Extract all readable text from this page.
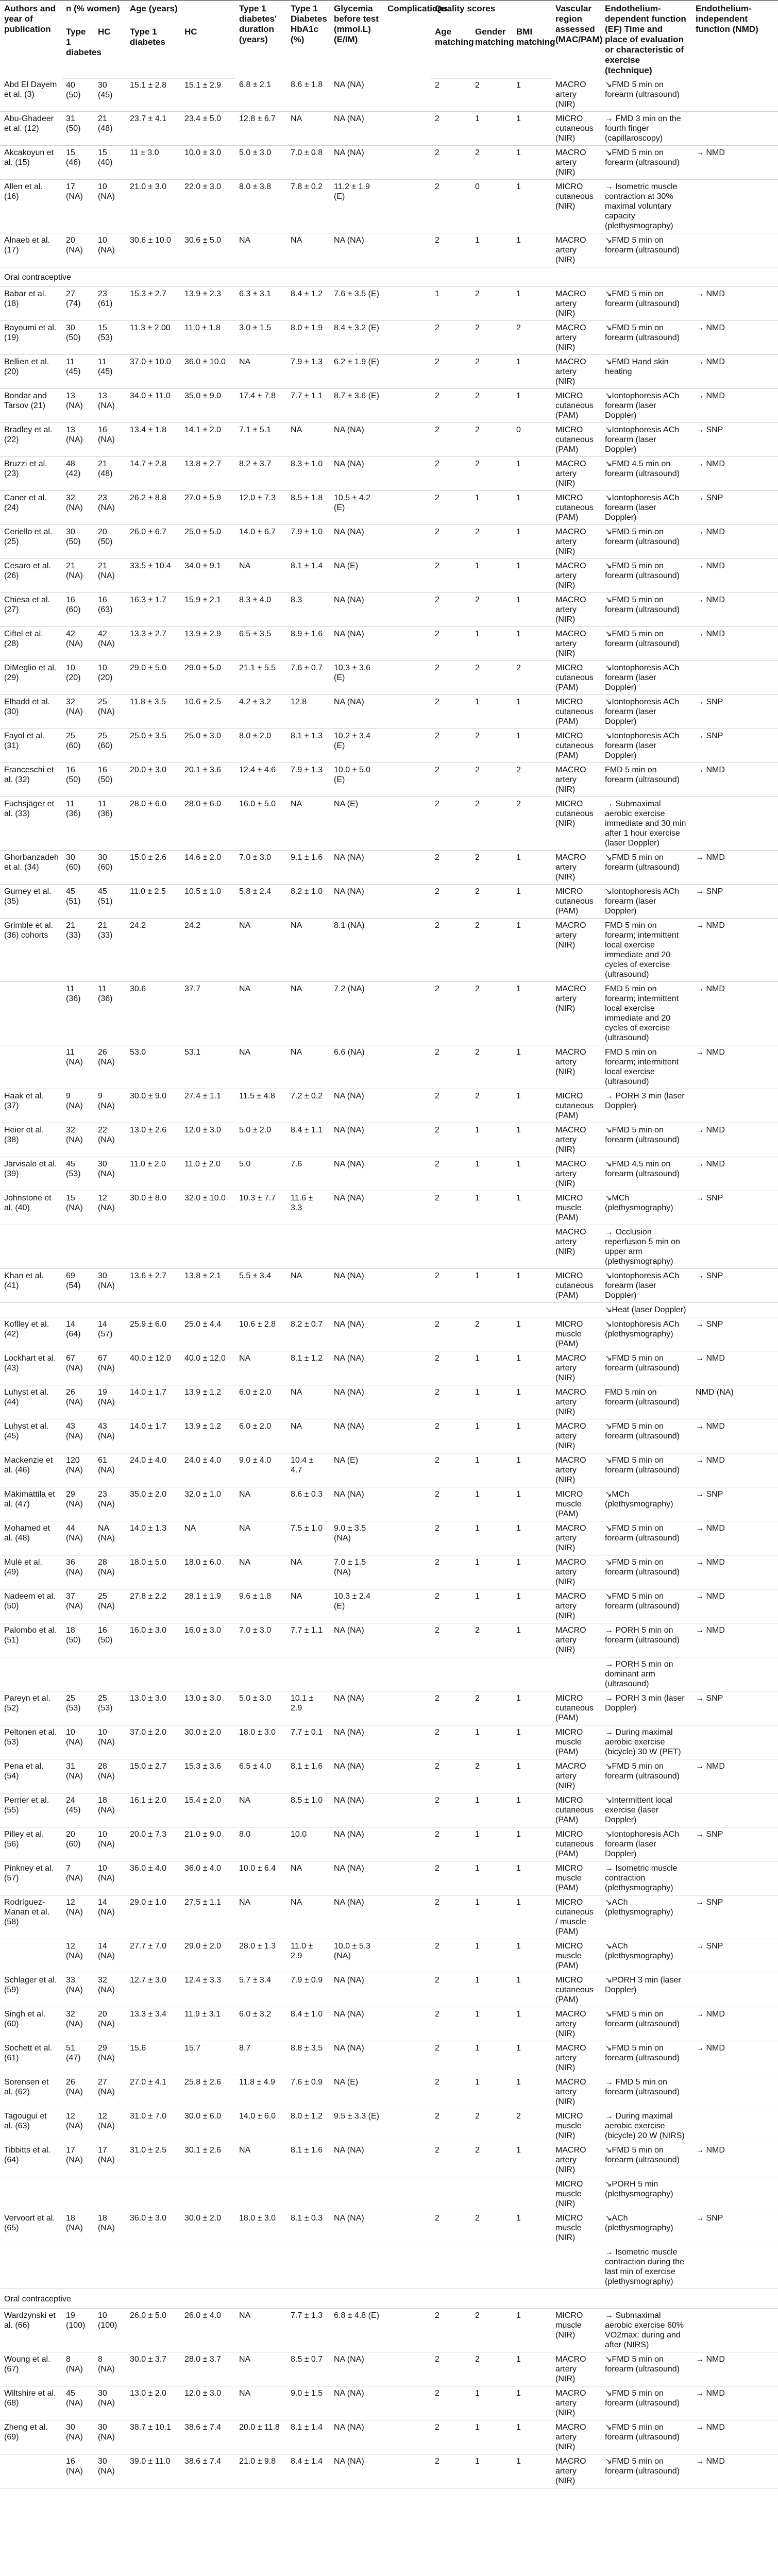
Authors and year of publication	n (% women)		Age (years)		Type 1 diabetes' duration (years)	Type 1 Diabetes HbA1c (%)	Glycemia before test (mmol.L) (E/IM)	Complications	Quality scores			Vascular region assessed (MAC/PAM)	Endothelium-dependent function (EF) Time and place of evaluation or characteristic of exercise (technique)	Endothelium-independent function (NMD)
	Type 1 diabetes	HC	Type 1 diabetes	HC					Age matching	Gender matching	BMI matching			
Abd El Dayem et al. (3)	40 (50)	30 (45)	15.1 ± 2.8	15.1 ± 2.9	6.8 ± 2.1	8.6 ± 1.8	NA (NA)		2	2	1	MACRO artery (NIR)	↘FMD 5 min on forearm (ultrasound)	
Abu-Ghadeer et al. (12)	31 (50)	21 (48)	23.7 ± 4.1	23.4 ± 5.0	12.8 ± 6.7	NA	NA (NA)		2	1	1	MICRO cutaneous (NIR)	→ FMD 3 min on the fourth finger (capillaroscopy)	
Akcakoyun et al. (15)	15 (46)	15 (40)	11 ± 3.0	10.0 ± 3.0	5.0 ± 3.0	7.0 ± 0.8	NA (NA)		2	2	1	MACRO artery (NIR)	↘FMD 5 min on forearm (ultrasound)	→ NMD
Allen et al. (16)	17 (NA)	10 (NA)	21.0 ± 3.0	22.0 ± 3.0	8.0 ± 3.8	7.8 ± 0.2	11.2 ± 1.9 (E)		2	0	1	MICRO cutaneous (NIR)	→ Isometric muscle contraction at 30% maximal voluntary capacity (plethysmography)	
Alnaeb et al. (17)	20 (NA)	10 (NA)	30.6 ± 10.0	30.6 ± 5.0	NA	NA	NA (NA)		2	1	1	MACRO artery (NIR)	↘FMD 5 min on forearm (ultrasound)	
Oral contraceptive														
Babar et al. (18)	27 (74)	23 (61)	15.3 ± 2.7	13.9 ± 2.3	6.3 ± 3.1	8.4 ± 1.2	7.6 ± 3.5 (E)		1	2	1	MACRO artery (NIR)	↘FMD 5 min on forearm (ultrasound)	→ NMD
Bayoumi et al. (19)	30 (50)	15 (53)	11.3 ± 2.00	11.0 ± 1.8	3.0 ± 1.5	8.0 ± 1.9	8.4 ± 3.2 (E)		2	2	2	MACRO artery (NIR)	↘FMD 5 min on forearm (ultrasound)	→ NMD
Bellien et al. (20)	11 (45)	11 (45)	37.0 ± 10.0	36.0 ± 10.0	NA	7.9 ± 1.3	6.2 ± 1.9 (E)		2	2	1	MACRO artery (NIR)	↘FMD Hand skin heating	→ NMD
Bondar and Tarsov (21)	13 (NA)	13 (NA)	34.0 ± 11.0	35.0 ± 9.0	17.4 ± 7.8	7.7 ± 1.1	8.7 ± 3.6 (E)		2	2	1	MICRO cutaneous (PAM)	↘Iontophoresis ACh forearm (laser Doppler)	→ NMD
Bradley et al. (22)	13 (NA)	16 (NA)	13.4 ± 1.8	14.1 ± 2.0	7.1 ± 5.1	NA	NA (NA)		2	2	0	MICRO cutaneous (PAM)	↘Iontophoresis ACh forearm (laser Doppler)	→ SNP
Bruzzi et al. (23)	48 (42)	21 (48)	14.7 ± 2.8	13.8 ± 2.7	8.2 ± 3.7	8.3 ± 1.0	NA (NA)		2	2	1	MACRO artery (NIR)	↘FMD 4.5 min on forearm (ultrasound)	→ NMD
Caner et al. (24)	32 (NA)	23 (NA)	26.2 ± 8.8	27.0 ± 5.9	12.0 ± 7.3	8.5 ± 1.8	10.5 ± 4.2 (E)		2	1	1	MICRO cutaneous (PAM)	↘Iontophoresis ACh forearm (laser Doppler)	→ SNP
Ceriello et al. (25)	30 (50)	20 (50)	26.0 ± 6.7	25.0 ± 5.0	14.0 ± 6.7	7.9 ± 1.0	NA (NA)		2	2	1	MACRO artery (NIR)	↘FMD 5 min on forearm (ultrasound)	→ NMD
Cesaro et al. (26)	21 (NA)	21 (NA)	33.5 ± 10.4	34.0 ± 9.1	NA	8.1 ± 1.4	NA (E)		2	1	1	MACRO artery (NIR)	↘FMD 5 min on forearm (ultrasound)	→ NMD
Chiesa et al. (27)	16 (60)	16 (63)	16.3 ± 1.7	15.9 ± 2.1	8.3 ± 4.0	8.3	NA (NA)		2	2	1	MACRO artery (NIR)	↘FMD 5 min on forearm (ultrasound)	→ NMD
Ciftel et al. (28)	42 (NA)	42 (NA)	13.3 ± 2.7	13.9 ± 2.9	6.5 ± 3.5	8.9 ± 1.6	NA (NA)		2	1	1	MACRO artery (NIR)	↘FMD 5 min on forearm (ultrasound)	→ NMD
DiMeglio et al. (29)	10 (20)	10 (20)	29.0 ± 5.0	29.0 ± 5.0	21.1 ± 5.5	7.6 ± 0.7	10.3 ± 3.6 (E)		2	2	2	MICRO cutaneous (PAM)	↘Iontophoresis ACh forearm (laser Doppler)	
Elhadd et al. (30)	32 (NA)	25 (NA)	11.8 ± 3.5	10.6 ± 2.5	4.2 ± 3.2	12.8	NA (NA)		2	1	1	MICRO cutaneous (PAM)	↘Iontophoresis ACh forearm (laser Doppler)	→ SNP
Fayol et al. (31)	25 (60)	25 (60)	25.0 ± 3.5	25.0 ± 3.0	8.0 ± 2.0	8.1 ± 1.3	10.2 ± 3.4 (E)		2	2	1	MICRO cutaneous (PAM)	↘Iontophoresis ACh forearm (laser Doppler)	→ SNP
Franceschi et al. (32)	16 (50)	16 (50)	20.0 ± 3.0	20.1 ± 3.6	12.4 ± 4.6	7.9 ± 1.3	10.0 ± 5.0 (E)		2	2	2	MACRO artery (NIR)	FMD 5 min on forearm (ultrasound)	→ NMD
Fuchsjäger et al. (33)	11 (36)	11 (36)	28.0 ± 6.0	28.0 ± 6.0	16.0 ± 5.0	NA	NA (E)		2	2	2	MICRO cutaneous (NIR)	→ Submaximal aerobic exercise immediate and 30 min after 1 hour exercise (laser Doppler)	
Ghorbanzadeh et al. (34)	30 (60)	30 (60)	15.0 ± 2.6	14.6 ± 2.0	7.0 ± 3.0	9.1 ± 1.6	NA (NA)		2	2	1	MACRO artery (NIR)	↘FMD 5 min on forearm (ultrasound)	→ NMD
Gurney et al. (35)	45 (51)	45 (51)	11.0 ± 2.5	10.5 ± 1.0	5.8 ± 2.4	8.2 ± 1.0	NA (NA)		2	2	1	MICRO cutaneous (PAM)	↘Iontophoresis ACh forearm (laser Doppler)	→ SNP
Grimble et al. (36) cohorts	21 (33)	21 (33)	24.2	24.2	NA	NA	8.1 (NA)		2	2	1	MACRO artery (NIR)	FMD 5 min on forearm; intermittent local exercise immediate and 20 cycles of exercise (ultrasound)	→ NMD
	11 (36)	11 (36)	30.6	37.7	NA	NA	7.2 (NA)		2	2	1	MACRO artery (NIR)	FMD 5 min on forearm; intermittent local exercise immediate and 20 cycles of exercise (ultrasound)	→ NMD
	11 (NA)	26 (NA)	53.0	53.1	NA	NA	6.6 (NA)		2	2	1	MACRO artery (NIR)	FMD 5 min on forearm; intermittent local exercise (ultrasound)	→ NMD
Haak et al. (37)	9 (NA)	9 (NA)	30.0 ± 9.0	27.4 ± 1.1	11.5 ± 4.8	7.2 ± 0.2	NA (NA)		2	2	1	MICRO cutaneous (PAM)	→ PORH 3 min (laser Doppler)	
Heier et al. (38)	32 (NA)	22 (NA)	13.0 ± 2.6	12.0 ± 3.0	5.0 ± 2.0	8.4 ± 1.1	NA (NA)		2	1	1	MACRO artery (NIR)	↘FMD 5 min on forearm (ultrasound)	→ NMD
Järvisalo et al. (39)	45 (53)	30 (NA)	11.0 ± 2.0	11.0 ± 2.0	5.0	7.6	NA (NA)		2	1	1	MACRO artery (NIR)	↘FMD 4.5 min on forearm (ultrasound)	→ NMD
Johnstone et al. (40)	15 (NA)	12 (NA)	30.0 ± 8.0	32.0 ± 10.0	10.3 ± 7.7	11.6 ± 3.3	NA (NA)		2	1	1	MICRO muscle (PAM)	↘MCh (plethysmography)	→ SNP
												MACRO artery (NIR)	→ Occlusion reperfusion 5 min on upper arm (plethysmography)	
Khan et al. (41)	69 (54)	30 (NA)	13.6 ± 2.7	13.8 ± 2.1	5.5 ± 3.4	NA	NA (NA)		2	1	1	MICRO cutaneous (PAM)	↘Iontophoresis ACh forearm (laser Doppler)	→ SNP
													↘Heat (laser Doppler)	
Koflley et al. (42)	14 (64)	14 (57)	25.9 ± 6.0	25.0 ± 4.4	10.6 ± 2.8	8.2 ± 0.7	NA (NA)		2	2	1	MICRO muscle (PAM)	↘Iontophoresis ACh (plethysmography)	→ SNP
Lockhart et al. (43)	67 (NA)	67 (NA)	40.0 ± 12.0	40.0 ± 12.0	NA	8.1 ± 1.2	NA (NA)		2	1	1	MACRO artery (NIR)	↘FMD 5 min on forearm (ultrasound)	→ NMD
Luhyst et al. (44)	26 (NA)	19 (NA)	14.0 ± 1.7	13.9 ± 1.2	6.0 ± 2.0	NA	NA (NA)		2	1	1	MACRO artery (NIR)	FMD 5 min on forearm (ultrasound)	NMD (NA)
Luhyst et al. (45)	43 (NA)	43 (NA)	14.0 ± 1.7	13.9 ± 1.2	6.0 ± 2.0	NA	NA (NA)		2	1	1	MACRO artery (NIR)	↘FMD 5 min on forearm (ultrasound)	→ NMD
Mackenzie et al. (46)	120 (NA)	61 (NA)	24.0 ± 4.0	24.0 ± 4.0	9.0 ± 4.0	10.4 ± 4.7	NA (E)		2	1	1	MACRO artery (NIR)	↘FMD 5 min on forearm (ultrasound)	→ NMD
Mäkimattila et al. (47)	29 (NA)	23 (NA)	35.0 ± 2.0	32.0 ± 1.0	NA	8.6 ± 0.3	NA (NA)		2	1	1	MICRO muscle (PAM)	↘MCh (plethysmography)	→ SNP
Mohamed et al. (48)	44 (NA)	NA (NA)	14.0 ± 1.3	NA	NA	7.5 ± 1.0	9.0 ± 3.5 (NA)		2	1	1	MACRO artery (NIR)	↘FMD 5 min on forearm (ultrasound)	→ NMD
Mulè et al. (49)	36 (NA)	28 (NA)	18.0 ± 5.0	18.0 ± 6.0	NA	NA	7.0 ± 1.5 (NA)		2	1	1	MACRO artery (NIR)	↘FMD 5 min on forearm (ultrasound)	→ NMD
Nadeem et al. (50)	37 (NA)	25 (NA)	27.8 ± 2.2	28.1 ± 1.9	9.6 ± 1.8	NA	10.3 ± 2.4 (E)		2	1	1	MACRO artery (NIR)	↘FMD 5 min on forearm (ultrasound)	→ NMD
Palombo et al. (51)	18 (50)	16 (50)	16.0 ± 3.0	16.0 ± 3.0	7.0 ± 3.0	7.7 ± 1.1	NA (NA)		2	2	1	MACRO artery (NIR)	→ PORH 5 min on forearm (ultrasound)	→ NMD
													→ PORH 5 min on dominant arm (ultrasound)	
Pareyn et al. (52)	25 (53)	25 (53)	13.0 ± 3.0	13.0 ± 3.0	5.0 ± 3.0	10.1 ± 2.9	NA (NA)		2	2	1	MICRO cutaneous (PAM)	→ PORH 3 min (laser Doppler)	→ SNP
Peltonen et al. (53)	10 (NA)	10 (NA)	37.0 ± 2.0	30.0 ± 2.0	18.0 ± 3.0	7.7 ± 0.1	NA (NA)		2	1	1	MICRO muscle (PAM)	→ During maximal aerobic exercise (bicycle) 30 W (PET)	
Pena et al. (54)	31 (NA)	28 (NA)	15.0 ± 2.7	15.3 ± 3.6	6.5 ± 4.0	8.1 ± 1.6	NA (NA)		2	2	1	MACRO artery (NIR)	↘FMD 5 min on forearm (ultrasound)	→ NMD
Perrier et al. (55)	24 (45)	18 (NA)	16.1 ± 2.0	15.4 ± 2.0	NA	8.5 ± 1.0	NA (NA)		2	1	1	MICRO cutaneous (PAM)	↘Intermittent local exercise (laser Doppler)	
Pilley et al. (56)	20 (60)	10 (NA)	20.0 ± 7.3	21.0 ± 9.0	8.0	10.0	NA (NA)		2	1	1	MICRO cutaneous (PAM)	↘Iontophoresis ACh forearm (laser Doppler)	→ SNP
Pinkney et al. (57)	7 (NA)	10 (NA)	36.0 ± 4.0	36.0 ± 4.0	10.0 ± 6.4	NA	NA (NA)		2	1	1	MICRO muscle (PAM)	→ Isometric muscle contraction (plethysmography)	
Rodríguez-Manan et al. (58)	12 (NA)	14 (NA)	29.0 ± 1.0	27.5 ± 1.1	NA	NA	NA (NA)		2	1	1	MICRO cutaneous / muscle (PAM)	↘ACh (plethysmography)	→ SNP
	12 (NA)	14 (NA)	27.7 ± 7.0	29.0 ± 2.0	28.0 ± 1.3	11.0 ± 2.9	10.0 ± 5.3 (NA)		2	1	1	MICRO muscle (PAM)	↘ACh (plethysmography)	→ SNP
Schlager et al. (59)	33 (NA)	32 (NA)	12.7 ± 3.0	12.4 ± 3.3	5.7 ± 3.4	7.9 ± 0.9	NA (NA)		2	1	1	MICRO cutaneous (PAM)	↘PORH 3 min (laser Doppler)	
Singh et al. (60)	32 (NA)	20 (NA)	13.3 ± 3.4	11.9 ± 3.1	6.0 ± 3.2	8.4 ± 1.0	NA (NA)		2	1	1	MACRO artery (NIR)	↘FMD 5 min on forearm (ultrasound)	→ NMD
Sochett et al. (61)	51 (47)	29 (NA)	15.6	15.7	8.7	8.8 ± 3.5	NA (NA)		2	1	1	MACRO artery (NIR)	↘FMD 5 min on forearm (ultrasound)	→ NMD
Sorensen et al. (62)	26 (NA)	27 (NA)	27.0 ± 4.1	25.8 ± 2.6	11.8 ± 4.9	7.6 ± 0.9	NA (E)		2	1	1	MACRO artery (NIR)	→ FMD 5 min on forearm (ultrasound)	
Tagougui et al. (63)	12 (NA)	12 (NA)	31.0 ± 7.0	30.0 ± 6.0	14.0 ± 6.0	8.0 ± 1.2	9.5 ± 3.3 (E)		2	2	2	MICRO muscle (NIR)	→ During maximal aerobic exercise (bicycle) 20 W (NIRS)	
Tibbitts et al. (64)	17 (NA)	17 (NA)	31.0 ± 2.5	30.1 ± 2.6	NA	8.1 ± 1.6	NA (NA)		2	2	1	MACRO artery (NIR)	↘FMD 5 min on forearm (ultrasound)	→ NMD
												MICRO muscle (NIR)	↘PORH 5 min (plethysmography)	
Vervoort et al. (65)	18 (NA)	18 (NA)	36.0 ± 3.0	30.0 ± 2.0	18.0 ± 3.0	8.1 ± 0.3	NA (NA)		2	2	1	MICRO muscle (NIR)	↘ACh (plethysmography)	→ SNP
													→ Isometric muscle contraction during the last min of exercise (plethysmography)	
Oral contraceptive														
Wardzynski et al. (66)	19 (100)	10 (100)	26.0 ± 5.0	26.0 ± 4.0	NA	7.7 ± 1.3	6.8 ± 4.8 (E)		2	2	1	MICRO muscle (NIR)	→ Submaximal aerobic exercise 60% VO2max: during and after (NIRS)	
Woung et al. (67)	8 (NA)	8 (NA)	30.0 ± 3.7	28.0 ± 3.7	NA	8.5 ± 0.7	NA (NA)		2	2	1	MACRO artery (NIR)	↘FMD 5 min on forearm (ultrasound)	→ NMD
Wiltshire et al. (68)	45 (NA)	30 (NA)	13.0 ± 2.0	12.0 ± 3.0	NA	9.0 ± 1.5	NA (NA)		2	1	1	MACRO artery (NIR)	↘FMD 5 min on forearm (ultrasound)	→ NMD
Zheng et al. (69)	30 (NA)	30 (NA)	38.7 ± 10.1	38.6 ± 7.4	20.0 ± 11.8	8.1 ± 1.4	NA (NA)		2	1	1	MACRO artery (NIR)	↘FMD 5 min on forearm (ultrasound)	→ NMD
	16 (NA)	30 (NA)	39.0 ± 11.0	38.6 ± 7.4	21.0 ± 9.8	8.4 ± 1.4	NA (NA)		2	1	1	MACRO artery (NIR)	↘FMD 5 min on forearm (ultrasound)	→ NMD
